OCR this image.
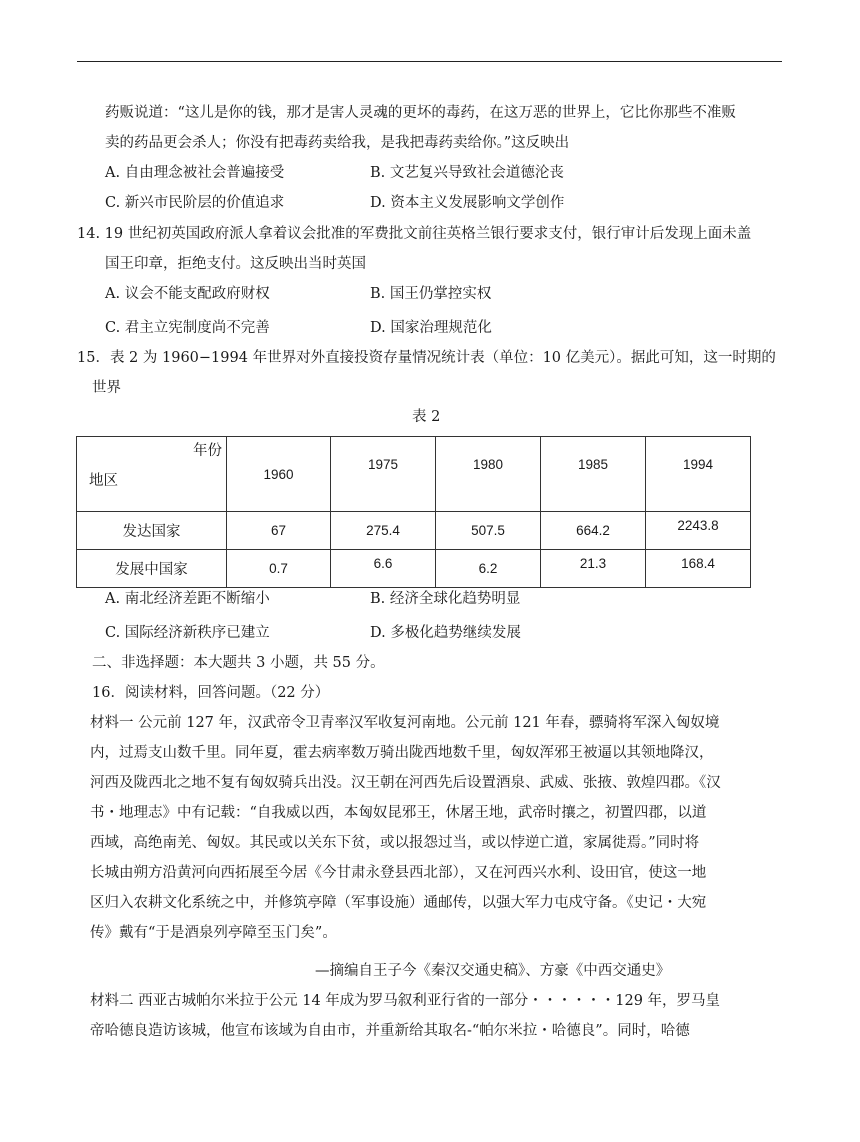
药贩说道：“这儿是你的钱，那才是害人灵魂的更坏的毒药，在这万恶的世界上，它比你那些不准贩
卖的药品更会杀人；你没有把毒药卖给我，是我把毒药卖给你。”这反映出
A. 自由理念被社会普遍接受	B. 文艺复兴导致社会道德沦丧
C. 新兴市民阶层的价值追求	D. 资本主义发展影响文学创作
14. 19 世纪初英国政府派人拿着议会批准的军费批文前往英格兰银行要求支付，银行审计后发现上面未盖
国王印章，拒绝支付。这反映出当时英国
A. 议会不能支配政府财权	B. 国王仍掌控实权
C. 君主立宪制度尚不完善	D. 国家治理规范化
15．表 2 为 1960−1994 年世界对外直接投资存量情况统计表（单位：10 亿美元）。据此可知，这一时期的
世界
表 2
年份
地区	1960	1975	1980	1985	1994
发达国家	67	275.4	507.5	664.2	2243.8
发展中国家	0.7	6.6	6.2	21.3	168.4
A. 南北经济差距不断缩小	B. 经济全球化趋势明显
C. 国际经济新秩序已建立	D. 多极化趋势继续发展
二、非选择题：本大题共 3 小题，共 55 分。
16．阅读材料，回答问题。（22 分）
材料一 公元前 127 年，汉武帝令卫青率汉军收复河南地。公元前 121 年春，骠骑将军深入匈奴境
内，过焉支山数千里。同年夏，霍去病率数万骑出陇西地数千里，匈奴浑邪王被逼以其领地降汉，
河西及陇西北之地不复有匈奴骑兵出没。汉王朝在河西先后设置酒泉、武威、张掖、敦煌四郡。《汉
书・地理志》中有记载：“自我威以西，本匈奴昆邪王，休屠王地，武帝时攘之，初置四郡，以道
西域，高绝南羌、匈奴。其民或以关东下贫，或以报怨过当，或以悖逆亡道，家属徙焉。”同时将
长城由朔方沿黄河向西拓展至今居《今甘肃永登县西北部），又在河西兴水利、设田官，使这一地
区归入农耕文化系统之中，并修筑亭障（军事设施）通邮传，以强大军力屯戍守备。《史记・大宛
传》戴有“于是酒泉列亭障至玉门矣”。
—摘编自王子今《秦汉交通史稿》、方豪《中西交通史》
材料二 西亚古城帕尔米拉于公元 14 年成为罗马叙利亚行省的一部分・・・・・・129 年，罗马皇
帝哈德良造访该城，他宣布该域为自由市，并重新给其取名-“帕尔米拉・哈德良”。同时，哈德
